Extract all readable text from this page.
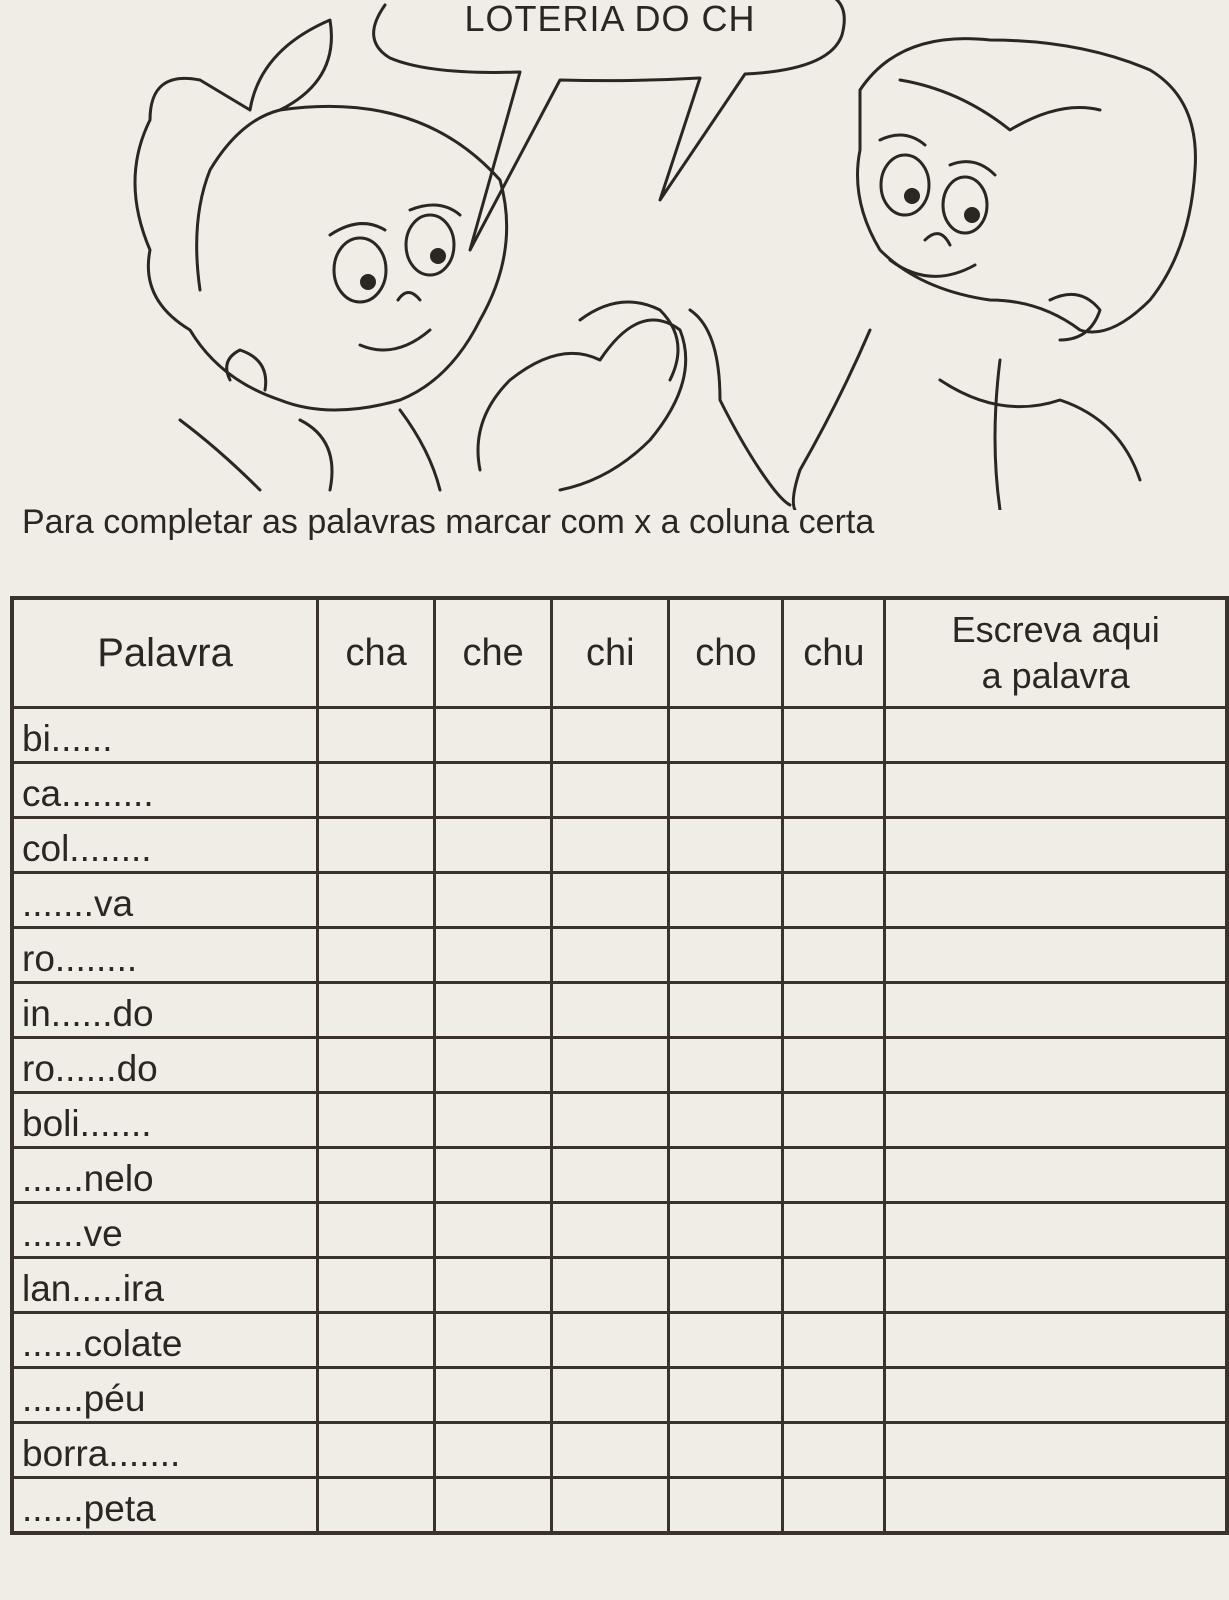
LOTERIA DO CH
Para completar as palavras marcar com x a coluna certa
Palavra	cha	che	chi	cho	chu	Escreva aqui
a palavra
bi......						
ca.........						
col........						
.......va						
ro........						
in......do						
ro......do						
boli.......						
......nelo						
......ve						
lan.....ira						
......colate						
......péu						
borra.......						
......peta						
